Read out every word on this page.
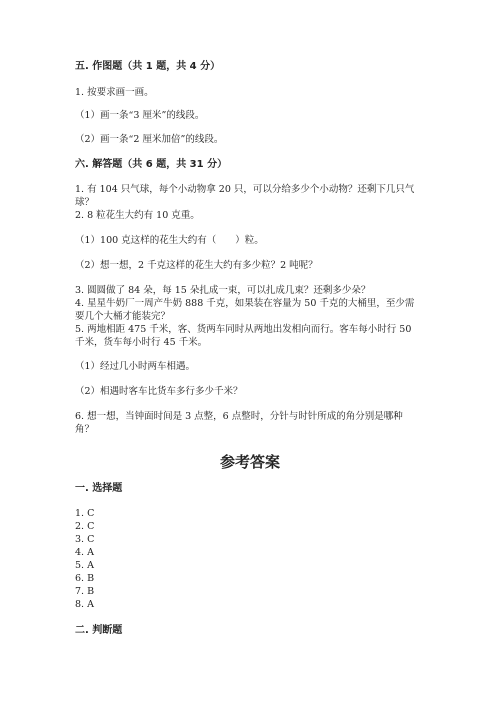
五. 作图题（共 1 题，共 4 分）
1. 按要求画一画。
（1）画一条“3 厘米”的线段。
（2）画一条“2 厘米加倍”的线段。
六. 解答题（共 6 题，共 31 分）
1. 有 104 只气球，每个小动物拿 20 只，可以分给多少个小动物？还剩下几只气
球？
2. 8 粒花生大约有 10 克重。
（1）100 克这样的花生大约有（　　）粒。
（2）想一想，2 千克这样的花生大约有多少粒？2 吨呢？
3. 圆圆做了 84 朵，每 15 朵扎成一束，可以扎成几束？还剩多少朵？
4. 星星牛奶厂一周产牛奶 888 千克，如果装在容量为 50 千克的大桶里，至少需
要几个大桶才能装完？
5. 两地相距 475 千米，客、货两车同时从两地出发相向而行。客车每小时行 50
千米，货车每小时行 45 千米。
（1）经过几小时两车相遇。
（2）相遇时客车比货车多行多少千米？
6. 想一想，当钟面时间是 3 点整，6 点整时，分针与时针所成的角分别是哪种
角？
参考答案
一. 选择题
1. C
2. C
3. C
4. A
5. A
6. B
7. B
8. A
二. 判断题
